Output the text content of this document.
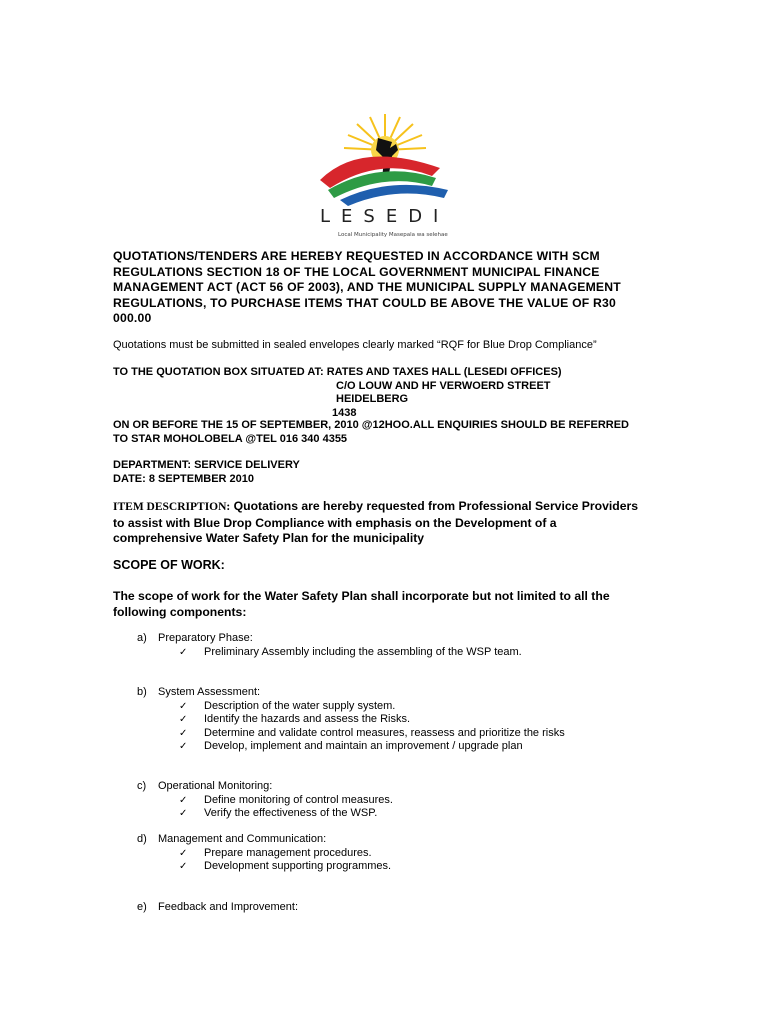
LESEDI
Local Municipality Masepala wa selehae
QUOTATIONS/TENDERS ARE HEREBY REQUESTED IN ACCORDANCE WITH SCM
REGULATIONS SECTION 18 OF THE LOCAL GOVERNMENT MUNICIPAL FINANCE
MANAGEMENT ACT (ACT 56 OF 2003), AND THE MUNICIPAL SUPPLY MANAGEMENT
REGULATIONS, TO PURCHASE ITEMS THAT COULD BE ABOVE THE VALUE OF R30
000.00
Quotations must be submitted in sealed envelopes clearly marked “RQF for Blue Drop Compliance”
TO THE QUOTATION BOX SITUATED AT: RATES AND TAXES HALL (LESEDI OFFICES)
C/O LOUW AND HF VERWOERD STREET
HEIDELBERG
1438
ON OR BEFORE THE 15 OF SEPTEMBER, 2010 @12HOO.ALL ENQUIRIES SHOULD BE REFERRED
TO STAR MOHOLOBELA @TEL 016 340 4355
DEPARTMENT: SERVICE DELIVERY
DATE: 8 SEPTEMBER 2010
ITEM DESCRIPTION: Quotations are hereby requested from Professional Service Providers
to assist with Blue Drop Compliance with emphasis on the Development of a
comprehensive Water Safety Plan for the municipality
SCOPE OF WORK:
The scope of work for the Water Safety Plan shall incorporate but not limited to all the
following components:
a) Preparatory Phase:
✓ Preliminary Assembly including the assembling of the WSP team.
b) System Assessment:
✓ Description of the water supply system.
✓ Identify the hazards and assess the Risks.
✓ Determine and validate control measures, reassess and prioritize the risks
✓ Develop, implement and maintain an improvement / upgrade plan
c) Operational Monitoring:
✓ Define monitoring of control measures.
✓ Verify the effectiveness of the WSP.
d) Management and Communication:
✓ Prepare management procedures.
✓ Development supporting programmes.
e) Feedback and Improvement:
